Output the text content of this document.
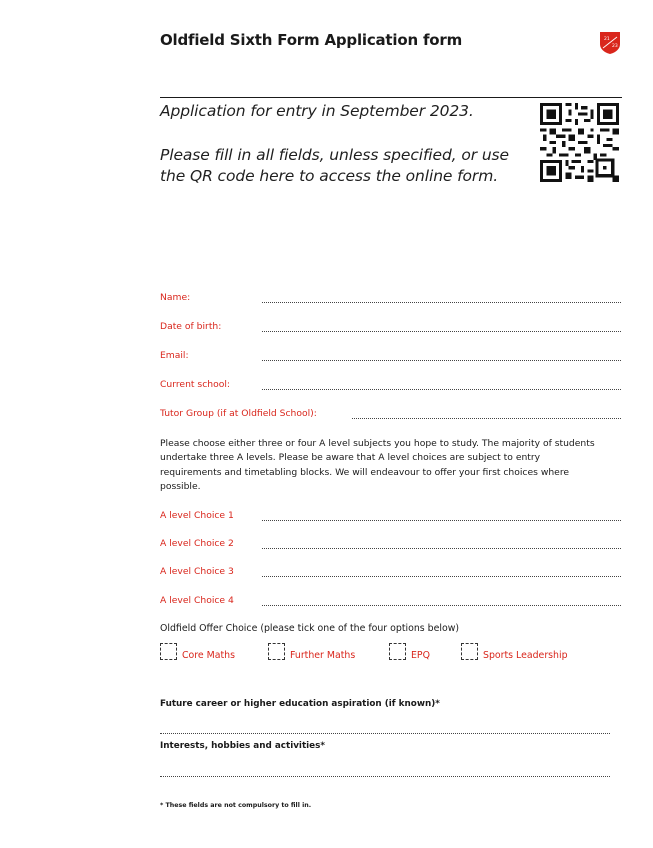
Oldfield Sixth Form Application form	21
23
Application for entry in September 2023.
Please fill in all fields, unless specified, or use the QR code here to access the online form.
Name:
Date of birth:
Email:
Current school:
Tutor Group (if at Oldfield School):
Please choose either three or four A level subjects you hope to study. The majority of students undertake three A levels. Please be aware that A level choices are subject to entry requirements and timetabling blocks. We will endeavour to offer your first choices where possible.
A level Choice 1
A level Choice 2
A level Choice 3
A level Choice 4
Oldfield Offer Choice (please tick one of the four options below)
Core Maths	Further Maths	EPQ	Sports Leadership
Future career or higher education aspiration (if known)*
Interests, hobbies and activities*
* These fields are not compulsory to fill in.
